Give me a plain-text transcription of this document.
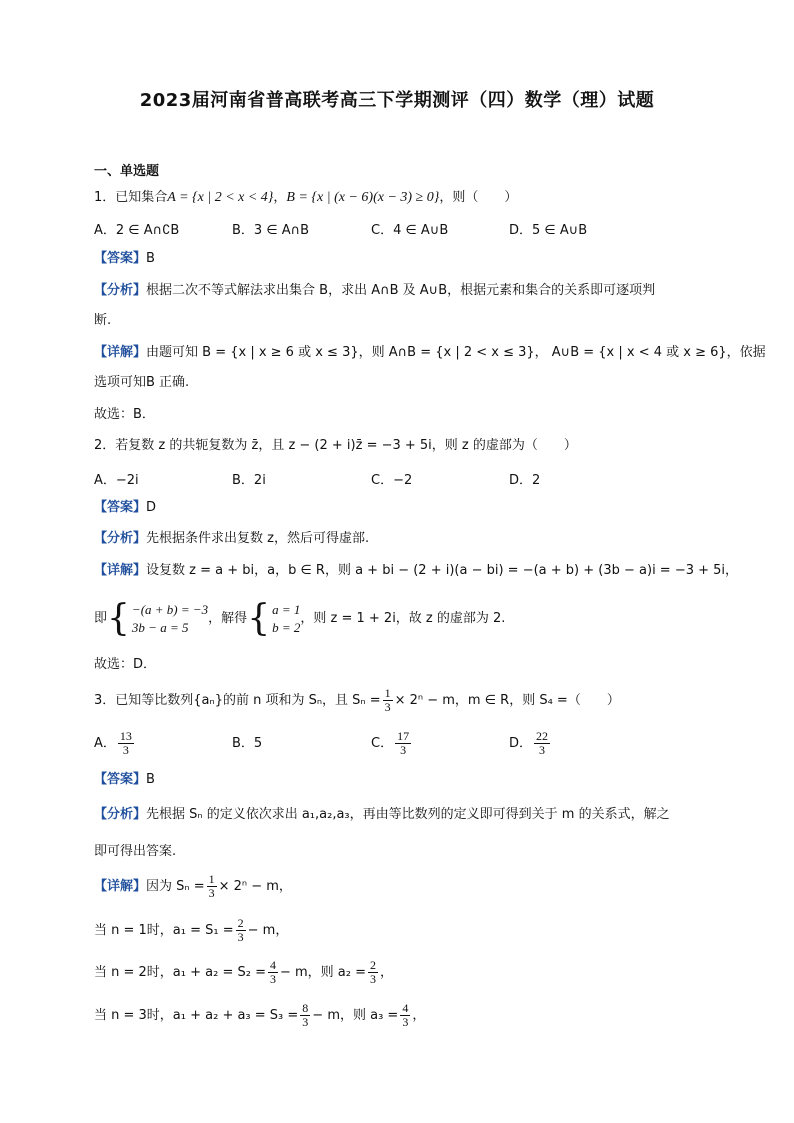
2023届河南省普高联考高三下学期测评（四）数学（理）试题
一、单选题
1．已知集合A = {x | 2 < x < 4}，B = {x | (x − 6)(x − 3) ≥ 0}，则（　　）
A．2 ∈ A∩∁B	B．3 ∈ A∩B	C．4 ∈ A∪B	D．5 ∈ A∪B
【答案】B
【分析】根据二次不等式解法求出集合 B，求出 A∩B 及 A∪B，根据元素和集合的关系即可逐项判
断.
【详解】由题可知 B = {x | x ≥ 6 或 x ≤ 3}，则 A∩B = {x | 2 < x ≤ 3}， A∪B = {x | x < 4 或 x ≥ 6}，依据
选项可知B 正确.
故选：B．
2．若复数 z 的共轭复数为 z̄，且 z − (2 + i)z̄ = −3 + 5i，则 z 的虚部为（　　）
A．−2i	B．2i	C．−2	D．2
【答案】D
【分析】先根据条件求出复数 z，然后可得虚部.
【详解】设复数 z = a + bi，a，b ∈ R，则 a + bi − (2 + i)(a − bi) = −(a + b) + (3b − a)i = −3 + 5i，
即 { −(a + b) = −3
3b − a = 5
，解得 { a = 1
b = 2
，则 z = 1 + 2i，故 z 的虚部为 2.
故选：D．
3．已知等比数列{aₙ}的前 n 项和为 Sₙ，且 $S_n = \frac{1}{3} \times 2^n - m$，m ∈ R，则 S₄ =（　　）
A． $\frac{13}{3}$	B．5	C． $\frac{17}{3}$	D． $\frac{22}{3}$
【答案】B
【分析】先根据 Sₙ 的定义依次求出 a₁,a₂,a₃，再由等比数列的定义即可得到关于 m 的关系式，解之
即可得出答案.
【详解】因为 $S_n = \frac{1}{3} \times 2^n - m$，
当 n = 1时，$a_1 = S_1 = \frac{2}{3} - m$，
当 n = 2时，$a_1 + a_2 = S_2 = \frac{4}{3} - m$，则 $a_2 = \frac{2}{3}$ ，
当 n = 3时，$a_1 + a_2 + a_3 = S_3 = \frac{8}{3} - m$，则 $a_3 = \frac{4}{3}$ ，
